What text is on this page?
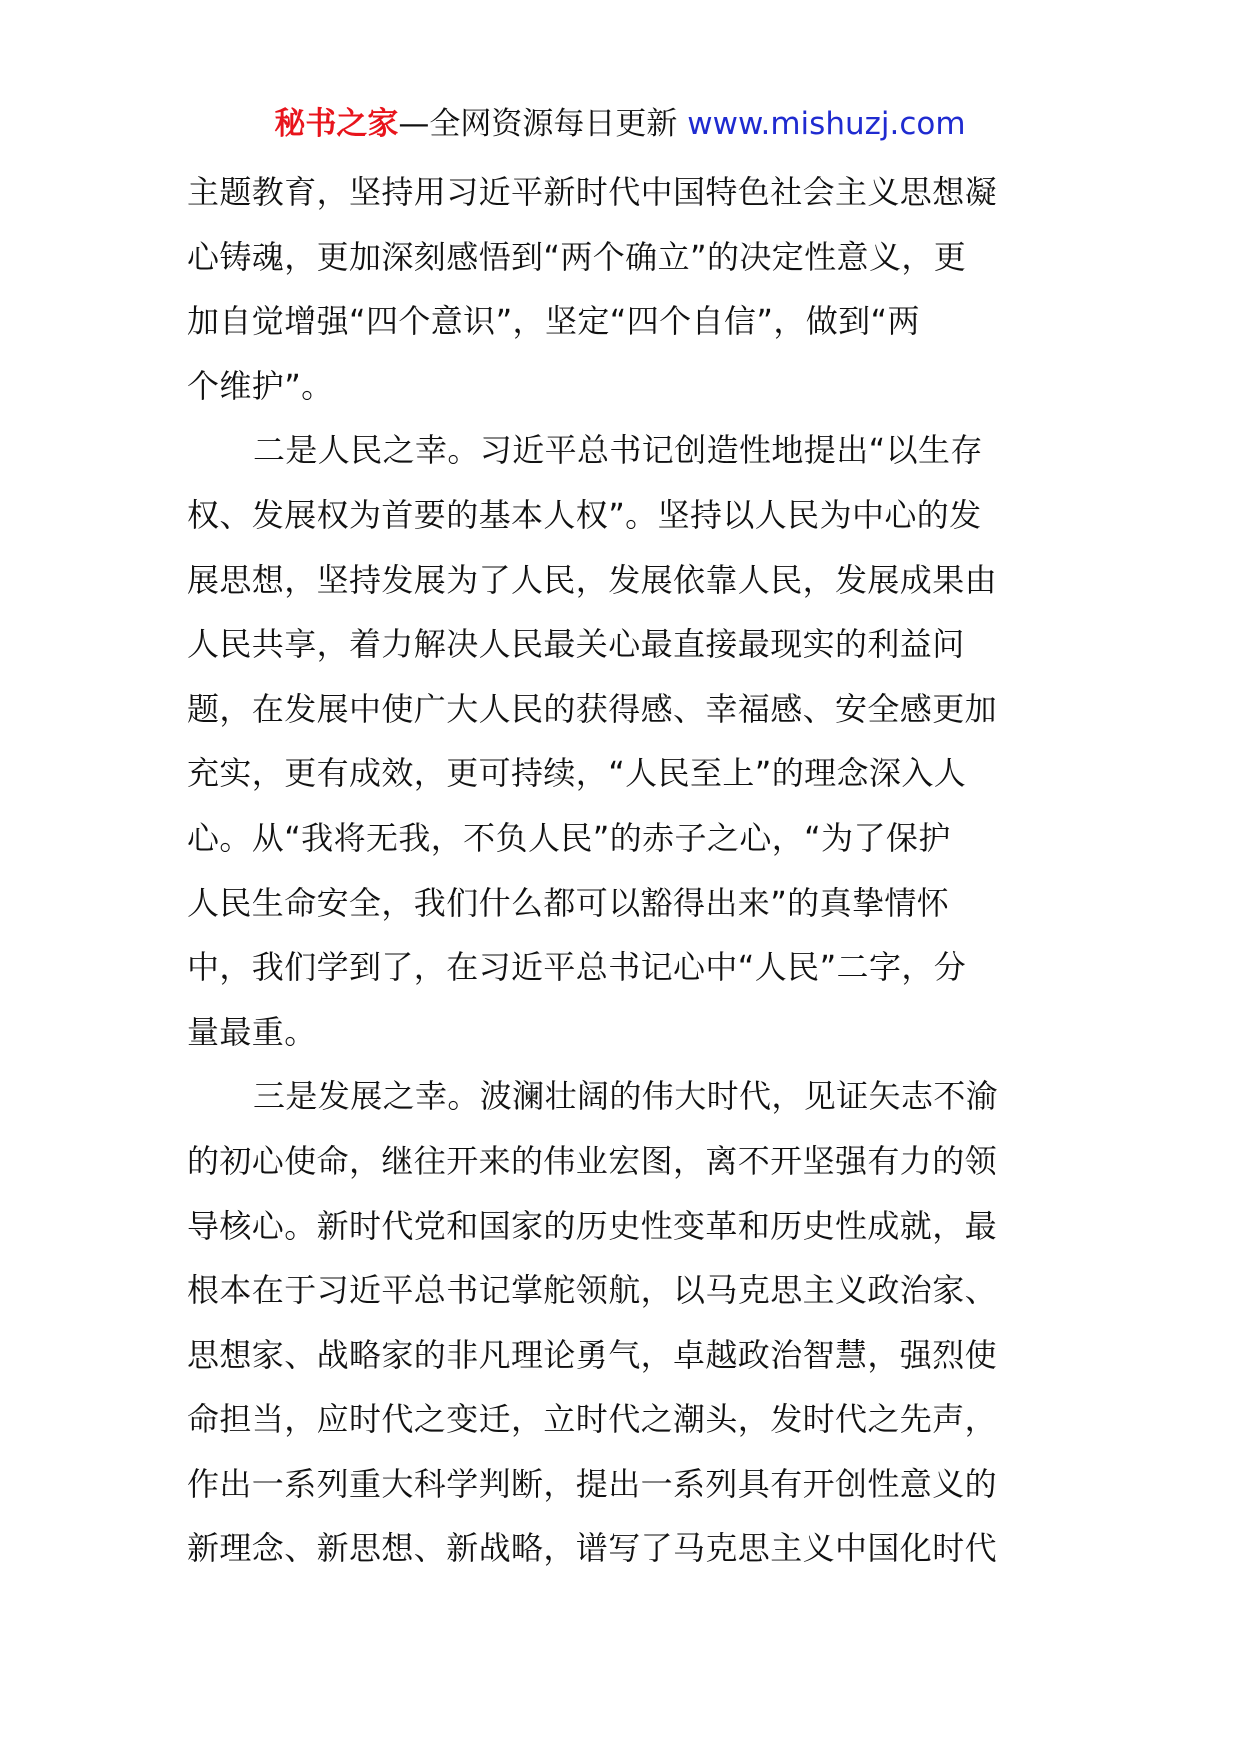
秘书之家—全网资源每日更新 www.mishuzj.com
主题教育，坚持用习近平新时代中国特色社会主义思想凝
心铸魂，更加深刻感悟到“两个确立”的决定性意义，更
加自觉增强“四个意识”，坚定“四个自信”，做到“两
个维护”。
二是人民之幸。习近平总书记创造性地提出“以生存
权、发展权为首要的基本人权”。坚持以人民为中心的发
展思想，坚持发展为了人民，发展依靠人民，发展成果由
人民共享，着力解决人民最关心最直接最现实的利益问
题，在发展中使广大人民的获得感、幸福感、安全感更加
充实，更有成效，更可持续，“人民至上”的理念深入人
心。从“我将无我，不负人民”的赤子之心，“为了保护
人民生命安全，我们什么都可以豁得出来”的真挚情怀
中，我们学到了，在习近平总书记心中“人民”二字，分
量最重。
三是发展之幸。波澜壮阔的伟大时代，见证矢志不渝
的初心使命，继往开来的伟业宏图，离不开坚强有力的领
导核心。新时代党和国家的历史性变革和历史性成就，最
根本在于习近平总书记掌舵领航，以马克思主义政治家、
思想家、战略家的非凡理论勇气，卓越政治智慧，强烈使
命担当，应时代之变迁，立时代之潮头，发时代之先声，
作出一系列重大科学判断，提出一系列具有开创性意义的
新理念、新思想、新战略，谱写了马克思主义中国化时代
